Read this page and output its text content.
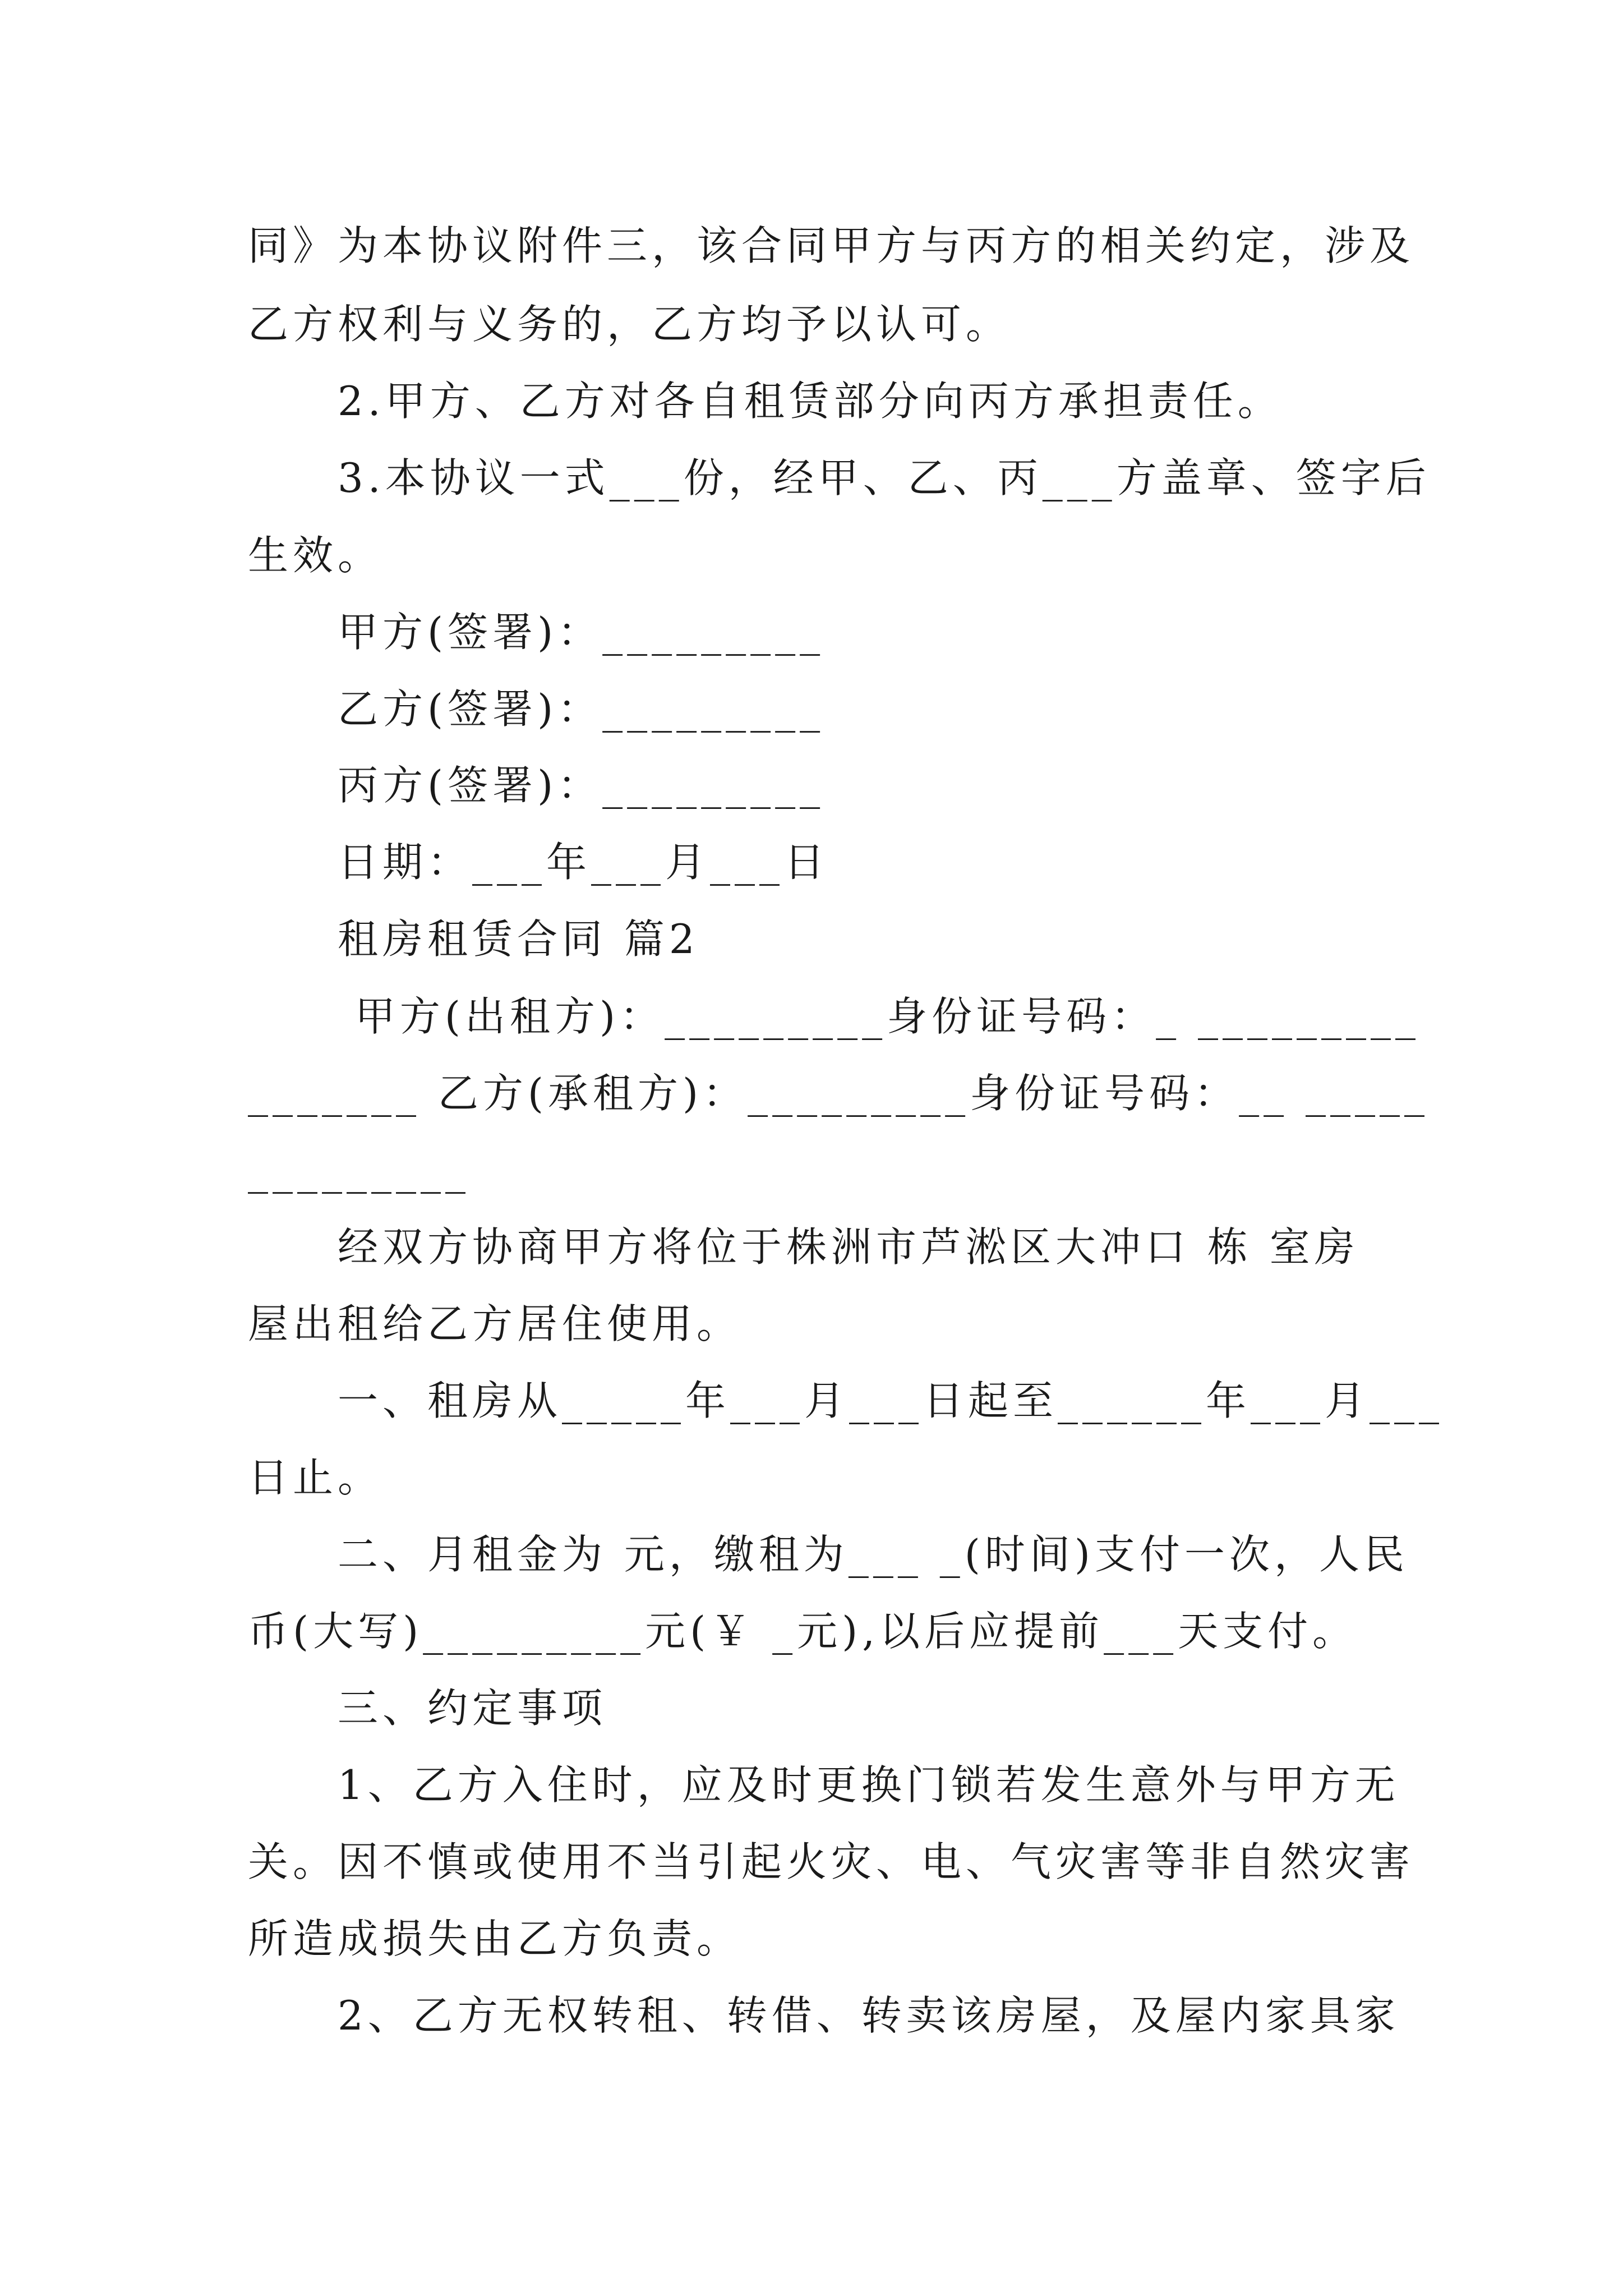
同》为本协议附件三，该合同甲方与丙方的相关约定，涉及
乙方权利与义务的，乙方均予以认可。
2.甲方、乙方对各自租赁部分向丙方承担责任。
3.本协议一式___份，经甲、乙、丙___方盖章、签字后
生效。
甲方(签署)：_________
乙方(签署)：_________
丙方(签署)：_________
日期：___年___月___日
租房租赁合同 篇2
甲方(出租方)：_________身份证号码：_ _________
_______ 乙方(承租方)：_________身份证号码：__ _____
_________
经双方协商甲方将位于株洲市芦淞区大冲口 栋 室房
屋出租给乙方居住使用。
一、租房从_____年___月___日起至______年___月___
日止。
二、月租金为 元，缴租为___ _(时间)支付一次，人民
币(大写)_________元(￥ _元),以后应提前___天支付。
三、约定事项
1、乙方入住时，应及时更换门锁若发生意外与甲方无
关。因不慎或使用不当引起火灾、电、气灾害等非自然灾害
所造成损失由乙方负责。
2、乙方无权转租、转借、转卖该房屋，及屋内家具家
